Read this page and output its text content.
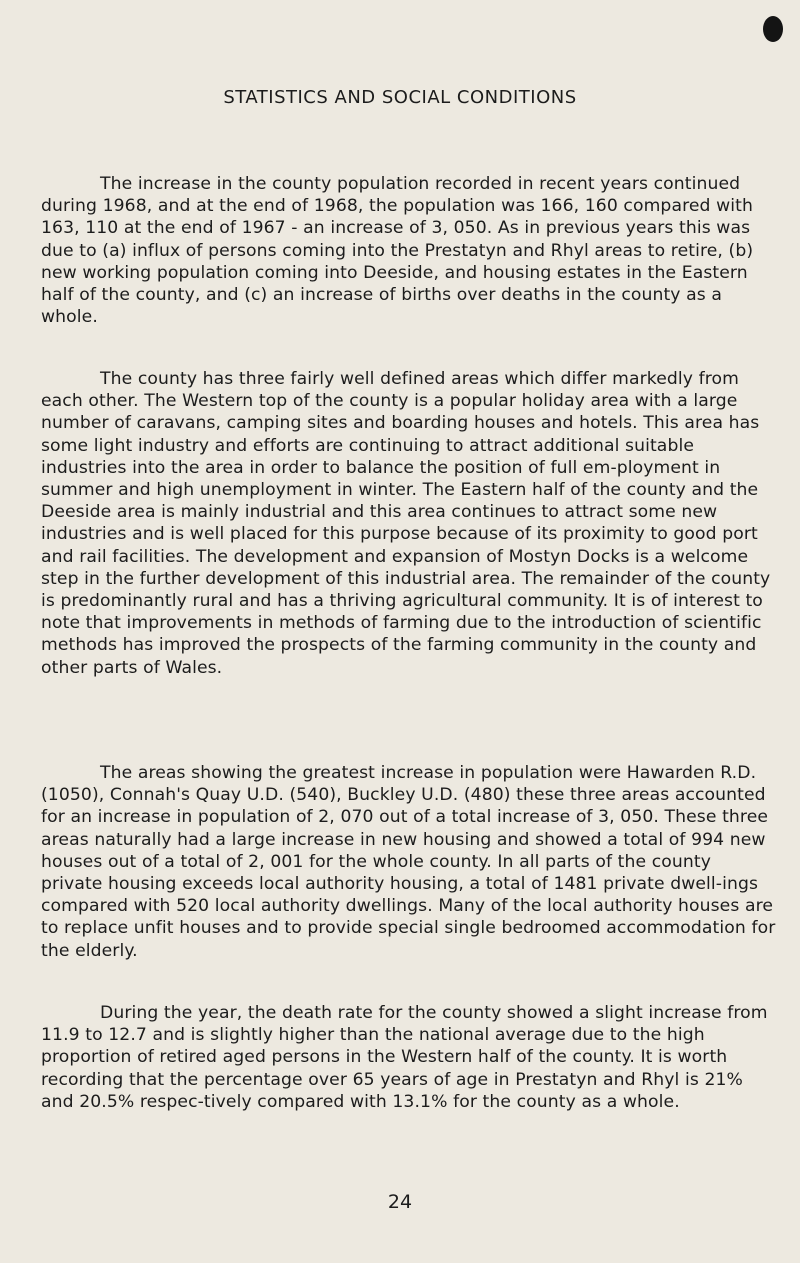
STATISTICS AND SOCIAL CONDITIONS

The increase in the county population recorded in recent years continued during 1968, and at the end of 1968, the population was 166, 160 compared with 163, 110 at the end of 1967 - an increase of 3, 050. As in previous years this was due to (a) influx of persons coming into the Prestatyn and Rhyl areas to retire, (b) new working population coming into Deeside, and housing estates in the Eastern half of the county, and (c) an increase of births over deaths in the county as a whole.

The county has three fairly well defined areas which differ markedly from each other. The Western top of the county is a popular holiday area with a large number of caravans, camping sites and boarding houses and hotels. This area has some light industry and efforts are continuing to attract additional suitable industries into the area in order to balance the position of full em-ployment in summer and high unemployment in winter. The Eastern half of the county and the Deeside area is mainly industrial and this area continues to attract some new industries and is well placed for this purpose because of its proximity to good port and rail facilities. The development and expansion of Mostyn Docks is a welcome step in the further development of this industrial area. The remainder of the county is predominantly rural and has a thriving agricultural community. It is of interest to note that improvements in methods of farming due to the introduction of scientific methods has improved the prospects of the farming community in the county and other parts of Wales.

The areas showing the greatest increase in population were Hawarden R.D. (1050), Connah's Quay U.D. (540), Buckley U.D. (480) these three areas accounted for an increase in population of 2, 070 out of a total increase of 3, 050. These three areas naturally had a large increase in new housing and showed a total of 994 new houses out of a total of 2, 001 for the whole county. In all parts of the county private housing exceeds local authority housing, a total of 1481 private dwell-ings compared with 520 local authority dwellings. Many of the local authority houses are to replace unfit houses and to provide special single bedroomed accommodation for the elderly.

During the year, the death rate for the county showed a slight increase from 11.9 to 12.7 and is slightly higher than the national average due to the high proportion of retired aged persons in the Western half of the county. It is worth recording that the percentage over 65 years of age in Prestatyn and Rhyl is 21% and 20.5% respec-tively compared with 13.1% for the county as a whole.

24
